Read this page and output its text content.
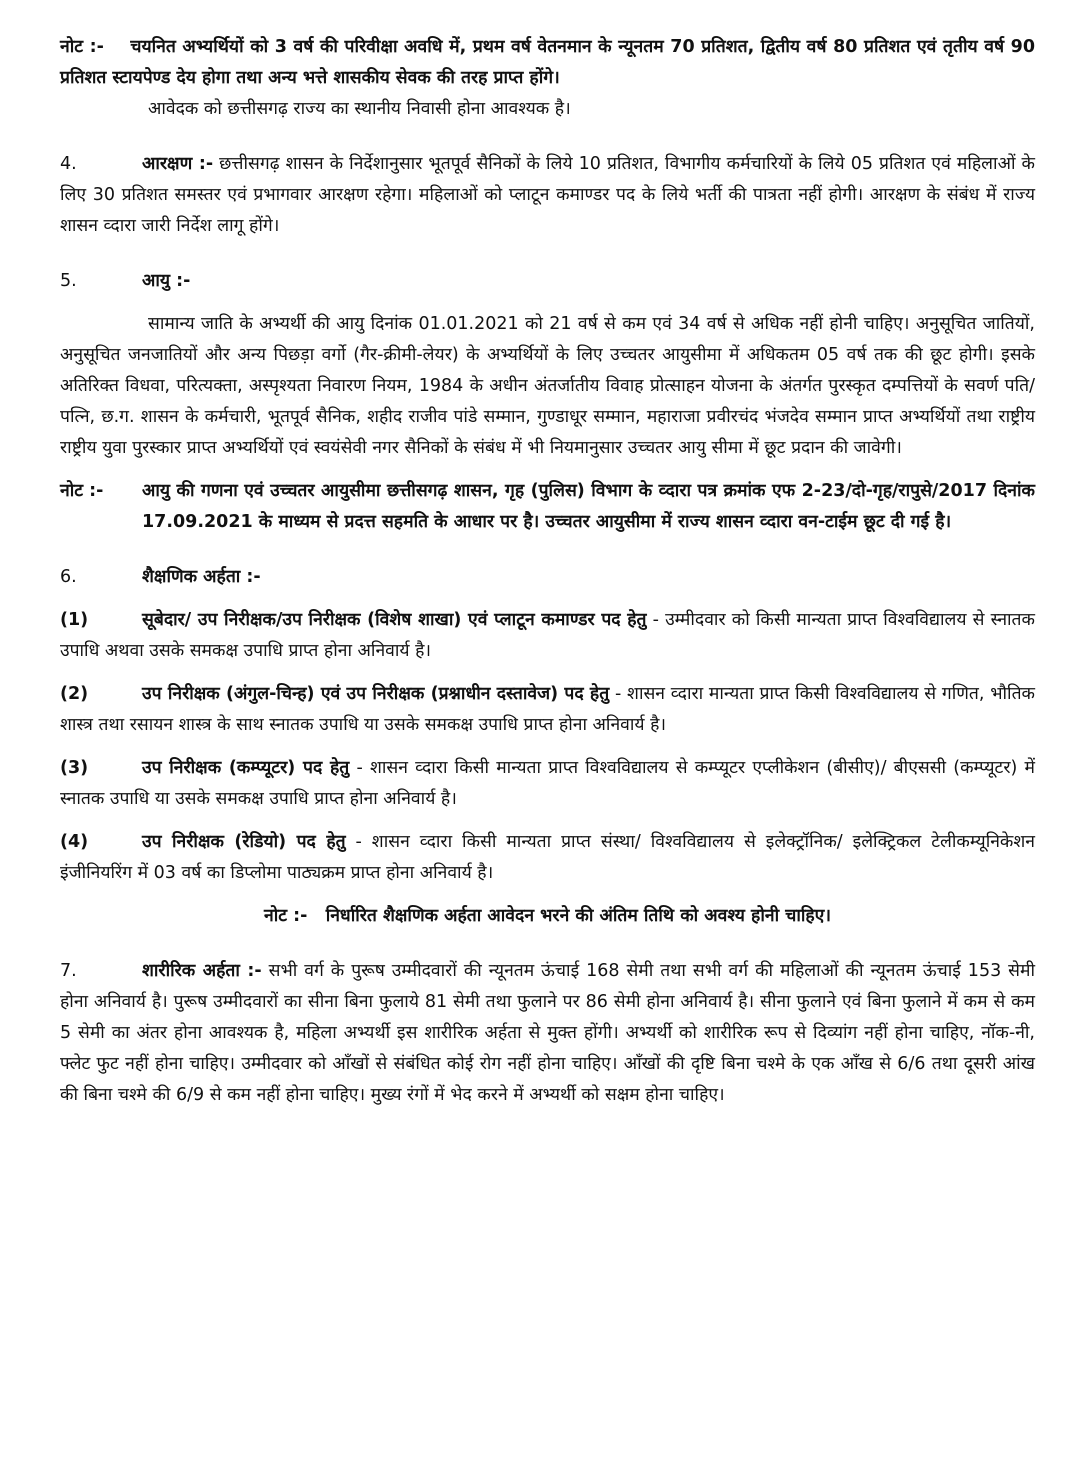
नोट :- चयनित अभ्यर्थियों को 3 वर्ष की परिवीक्षा अवधि में, प्रथम वर्ष वेतनमान के न्यूनतम 70 प्रतिशत, द्वितीय वर्ष 80 प्रतिशत एवं तृतीय वर्ष 90 प्रतिशत स्टायपेण्ड देय होगा तथा अन्य भत्ते शासकीय सेवक की तरह प्राप्त होंगे।

आवेदक को छत्तीसगढ़ राज्य का स्थानीय निवासी होना आवश्यक है।

4.	आरक्षण :- छत्तीसगढ़ शासन के निर्देशानुसार भूतपूर्व सैनिकों के लिये 10 प्रतिशत, विभागीय कर्मचारियों के लिये 05 प्रतिशत एवं महिलाओं के लिए 30 प्रतिशत समस्तर एवं प्रभागवार आरक्षण रहेगा। महिलाओं को प्लाटून कमाण्डर पद के लिये भर्ती की पात्रता नहीं होगी। आरक्षण के संबंध में राज्य शासन व्दारा जारी निर्देश लागू होंगे।

5.	आयु :-

सामान्य जाति के अभ्यर्थी की आयु दिनांक 01.01.2021 को 21 वर्ष से कम एवं 34 वर्ष से अधिक नहीं होनी चाहिए। अनुसूचित जातियों, अनुसूचित जनजातियों और अन्य पिछड़ा वर्गो (गैर-क्रीमी-लेयर) के अभ्यर्थियों के लिए उच्चतर आयुसीमा में अधिकतम 05 वर्ष तक की छूट होगी। इसके अतिरिक्त विधवा, परित्यक्ता, अस्पृश्यता निवारण नियम, 1984 के अधीन अंतर्जातीय विवाह प्रोत्साहन योजना के अंतर्गत पुरस्कृत दम्पत्तियों के सवर्ण पति/ पत्नि, छ.ग. शासन के कर्मचारी, भूतपूर्व सैनिक, शहीद राजीव पांडे सम्मान, गुण्डाधूर सम्मान, महाराजा प्रवीरचंद भंजदेव सम्मान प्राप्त अभ्यर्थियों तथा राष्ट्रीय राष्ट्रीय युवा पुरस्कार प्राप्त अभ्यर्थियों एवं स्वयंसेवी नगर सैनिकों के संबंध में भी नियमानुसार उच्चतर आयु सीमा में छूट प्रदान की जावेगी।

नोट :- आयु की गणना एवं उच्चतर आयुसीमा छत्तीसगढ़ शासन, गृह (पुलिस) विभाग के व्दारा पत्र क्रमांक एफ 2-23/दो-गृह/रापुसे/2017 दिनांक 17.09.2021 के माध्यम से प्रदत्त सहमति के आधार पर है। उच्चतर आयुसीमा में राज्य शासन व्दारा वन-टाईम छूट दी गई है।

6.	शैक्षणिक अर्हता :-

(1)	सूबेदार/ उप निरीक्षक/उप निरीक्षक (विशेष शाखा) एवं प्लाटून कमाण्डर पद हेतु - उम्मीदवार को किसी मान्यता प्राप्त विश्वविद्यालय से स्नातक उपाधि अथवा उसके समकक्ष उपाधि प्राप्त होना अनिवार्य है।

(2)	उप निरीक्षक (अंगुल-चिन्ह) एवं उप निरीक्षक (प्रश्नाधीन दस्तावेज) पद हेतु - शासन व्दारा मान्यता प्राप्त किसी विश्वविद्यालय से गणित, भौतिक शास्त्र तथा रसायन शास्त्र के साथ स्नातक उपाधि या उसके समकक्ष उपाधि प्राप्त होना अनिवार्य है।

(3)	उप निरीक्षक (कम्प्यूटर) पद हेतु - शासन व्दारा किसी मान्यता प्राप्त विश्वविद्यालय से कम्प्यूटर एप्लीकेशन (बीसीए)/ बीएससी (कम्प्यूटर) में स्नातक उपाधि या उसके समकक्ष उपाधि प्राप्त होना अनिवार्य है।

(4)	उप निरीक्षक (रेडियो) पद हेतु - शासन व्दारा किसी मान्यता प्राप्त संस्था/ विश्वविद्यालय से इलेक्ट्रॉनिक/ इलेक्ट्रिकल टेलीकम्यूनिकेशन इंजीनियरिंग में 03 वर्ष का डिप्लोमा पाठ्यक्रम प्राप्त होना अनिवार्य है।

नोट :- निर्धारित शैक्षणिक अर्हता आवेदन भरने की अंतिम तिथि को अवश्य होनी चाहिए।

7.	शारीरिक अर्हता :- सभी वर्ग के पुरूष उम्मीदवारों की न्यूनतम ऊंचाई 168 सेमी तथा सभी वर्ग की महिलाओं की न्यूनतम ऊंचाई 153 सेमी होना अनिवार्य है। पुरूष उम्मीदवारों का सीना बिना फुलाये 81 सेमी तथा फुलाने पर 86 सेमी होना अनिवार्य है। सीना फुलाने एवं बिना फुलाने में कम से कम 5 सेमी का अंतर होना आवश्यक है, महिला अभ्यर्थी इस शारीरिक अर्हता से मुक्त होंगी। अभ्यर्थी को शारीरिक रूप से दिव्यांग नहीं होना चाहिए, नॉक-नी, फ्लेट फुट नहीं होना चाहिए। उम्मीदवार को आँखों से संबंधित कोई रोग नहीं होना चाहिए। आँखों की दृष्टि बिना चश्मे के एक आँख से 6/6 तथा दूसरी आंख की बिना चश्मे की 6/9 से कम नहीं होना चाहिए। मुख्य रंगों में भेद करने में अभ्यर्थी को सक्षम होना चाहिए।
